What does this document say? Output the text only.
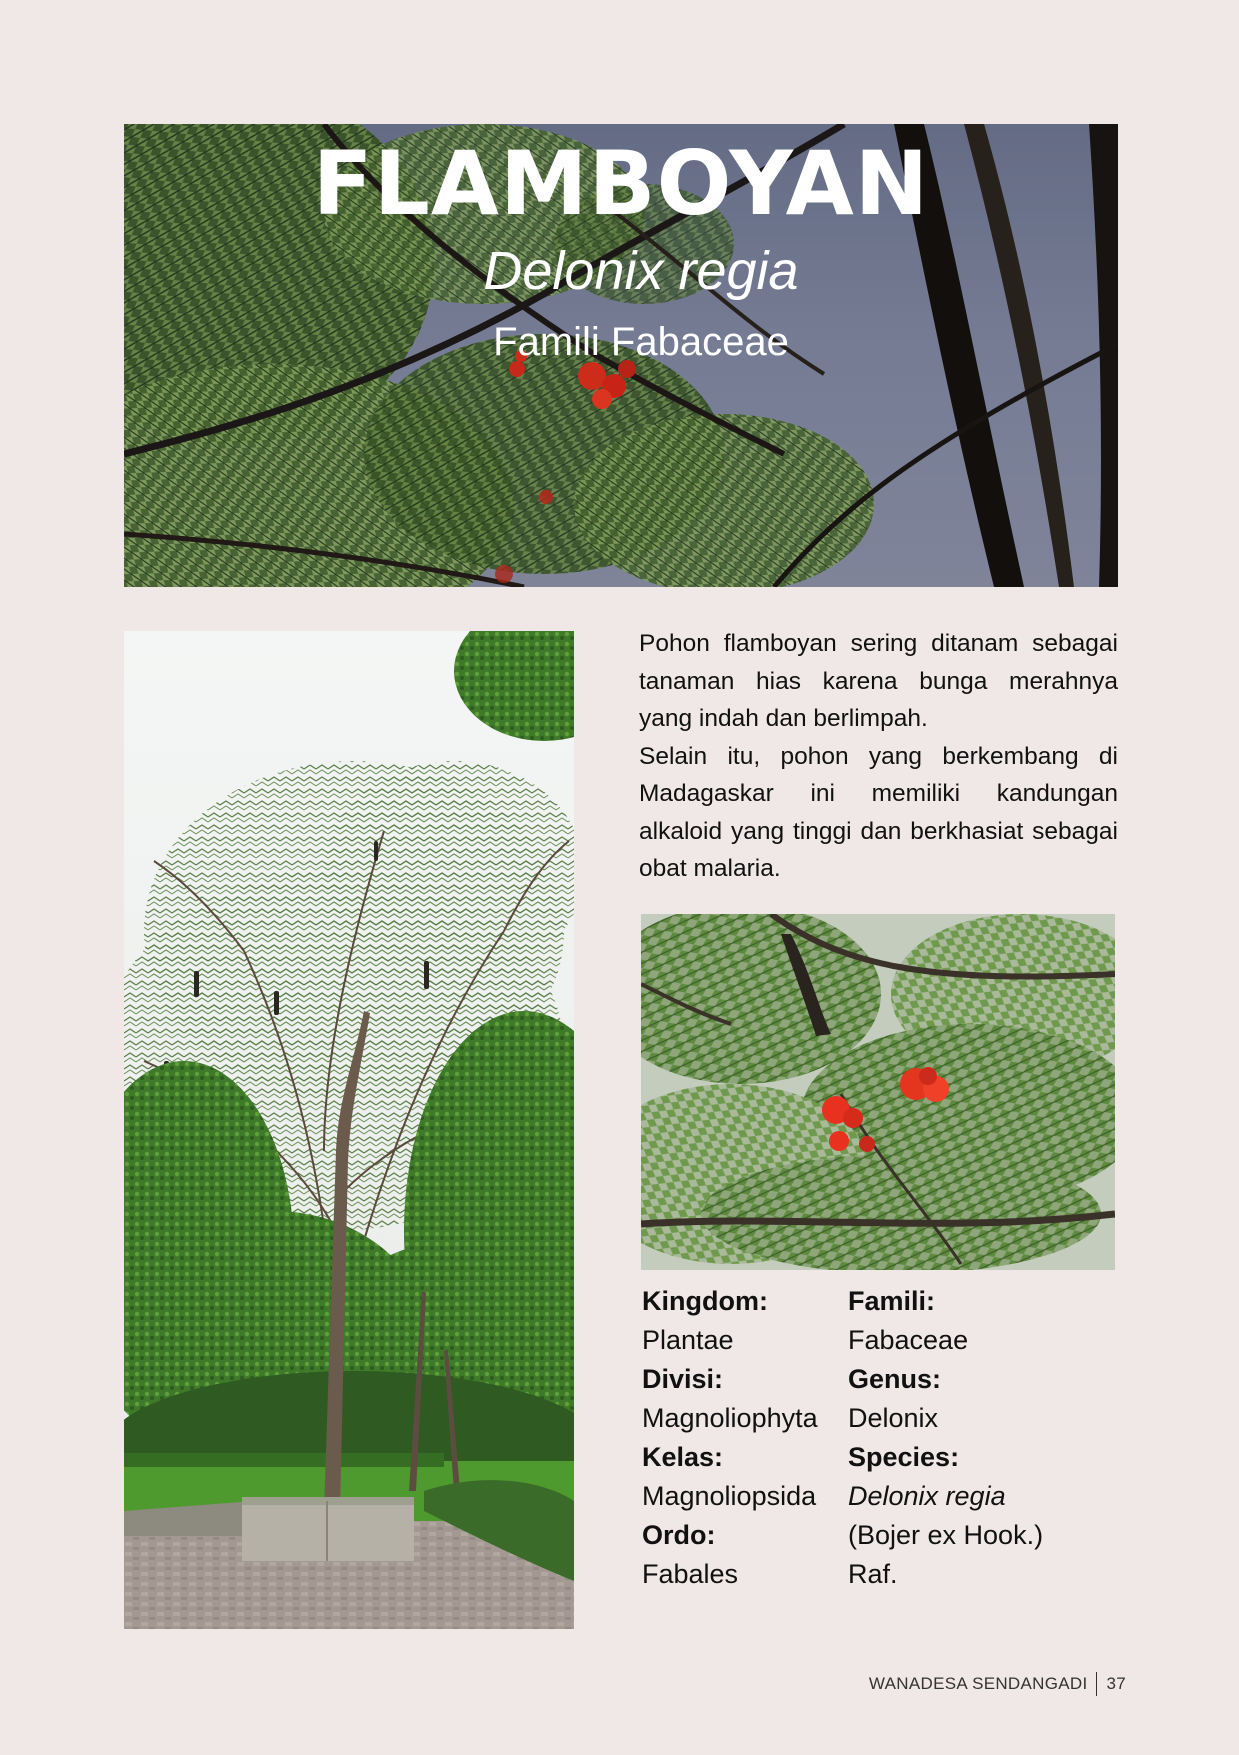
FLAMBOYAN
Delonix regia
Famili Fabaceae

Pohon flamboyan sering ditanam sebagai tanaman hias karena bunga merahnya yang indah dan berlimpah.

Selain itu, pohon yang berkembang di Madagaskar ini memiliki kandungan alkaloid yang tinggi dan berkhasiat sebagai obat malaria.

Kingdom:
Plantae
Divisi:
Magnoliophyta
Kelas:
Magnoliopsida
Ordo:
Fabales
Famili:
Fabaceae
Genus:
Delonix
Species:
Delonix regia
(Bojer ex Hook.)
Raf.
WANADESA SENDANGADI 37
